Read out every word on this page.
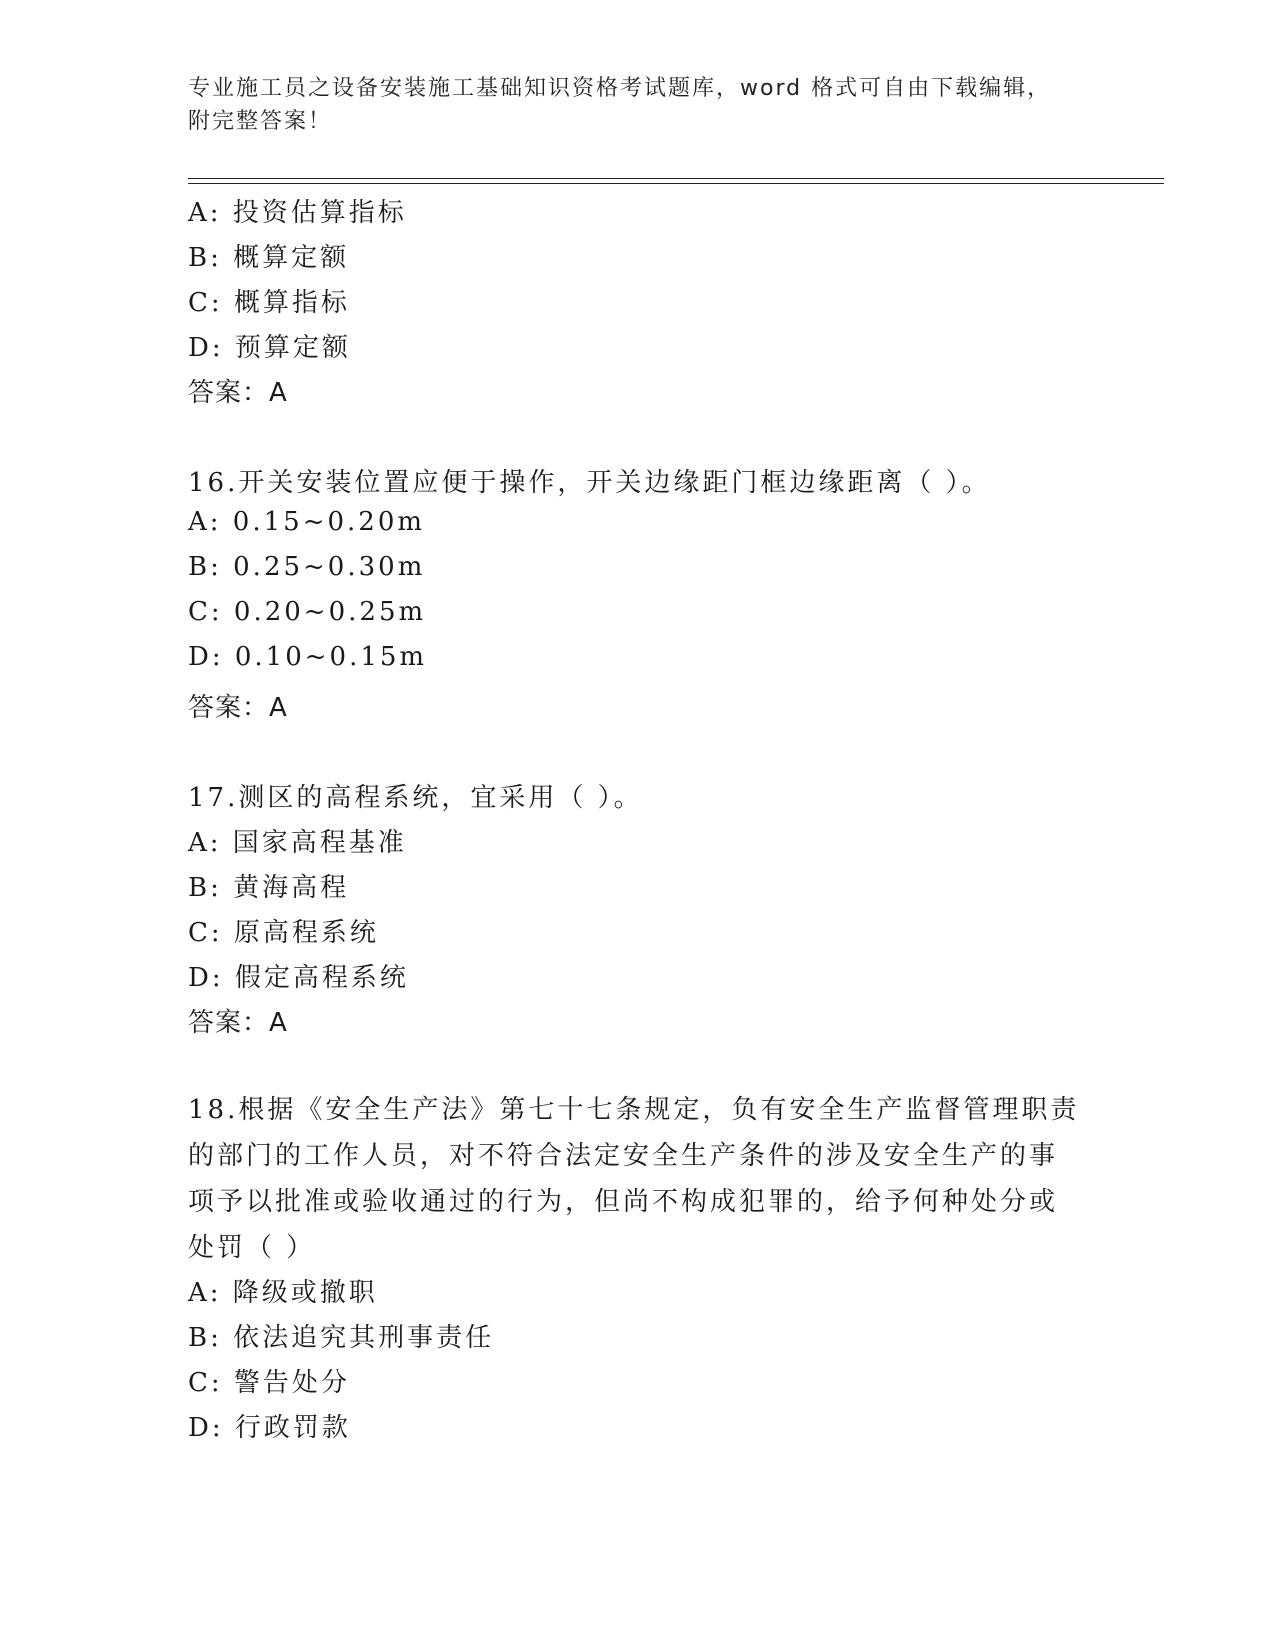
专业施工员之设备安装施工基础知识资格考试题库，word 格式可自由下载编辑，
附完整答案！
A: 投资估算指标
B: 概算定额
C: 概算指标
D: 预算定额
答案：A
16.开关安装位置应便于操作，开关边缘距门框边缘距离（ ）。
A: 0.15~0.20m
B: 0.25~0.30m
C: 0.20~0.25m
D: 0.10~0.15m
答案：A
17.测区的高程系统，宜采用（ ）。
A: 国家高程基准
B: 黄海高程
C: 原高程系统
D: 假定高程系统
答案：A
18.根据《安全生产法》第七十七条规定，负有安全生产监督管理职责
的部门的工作人员，对不符合法定安全生产条件的涉及安全生产的事
项予以批准或验收通过的行为，但尚不构成犯罪的，给予何种处分或
处罚（ ）
A: 降级或撤职
B: 依法追究其刑事责任
C: 警告处分
D: 行政罚款
